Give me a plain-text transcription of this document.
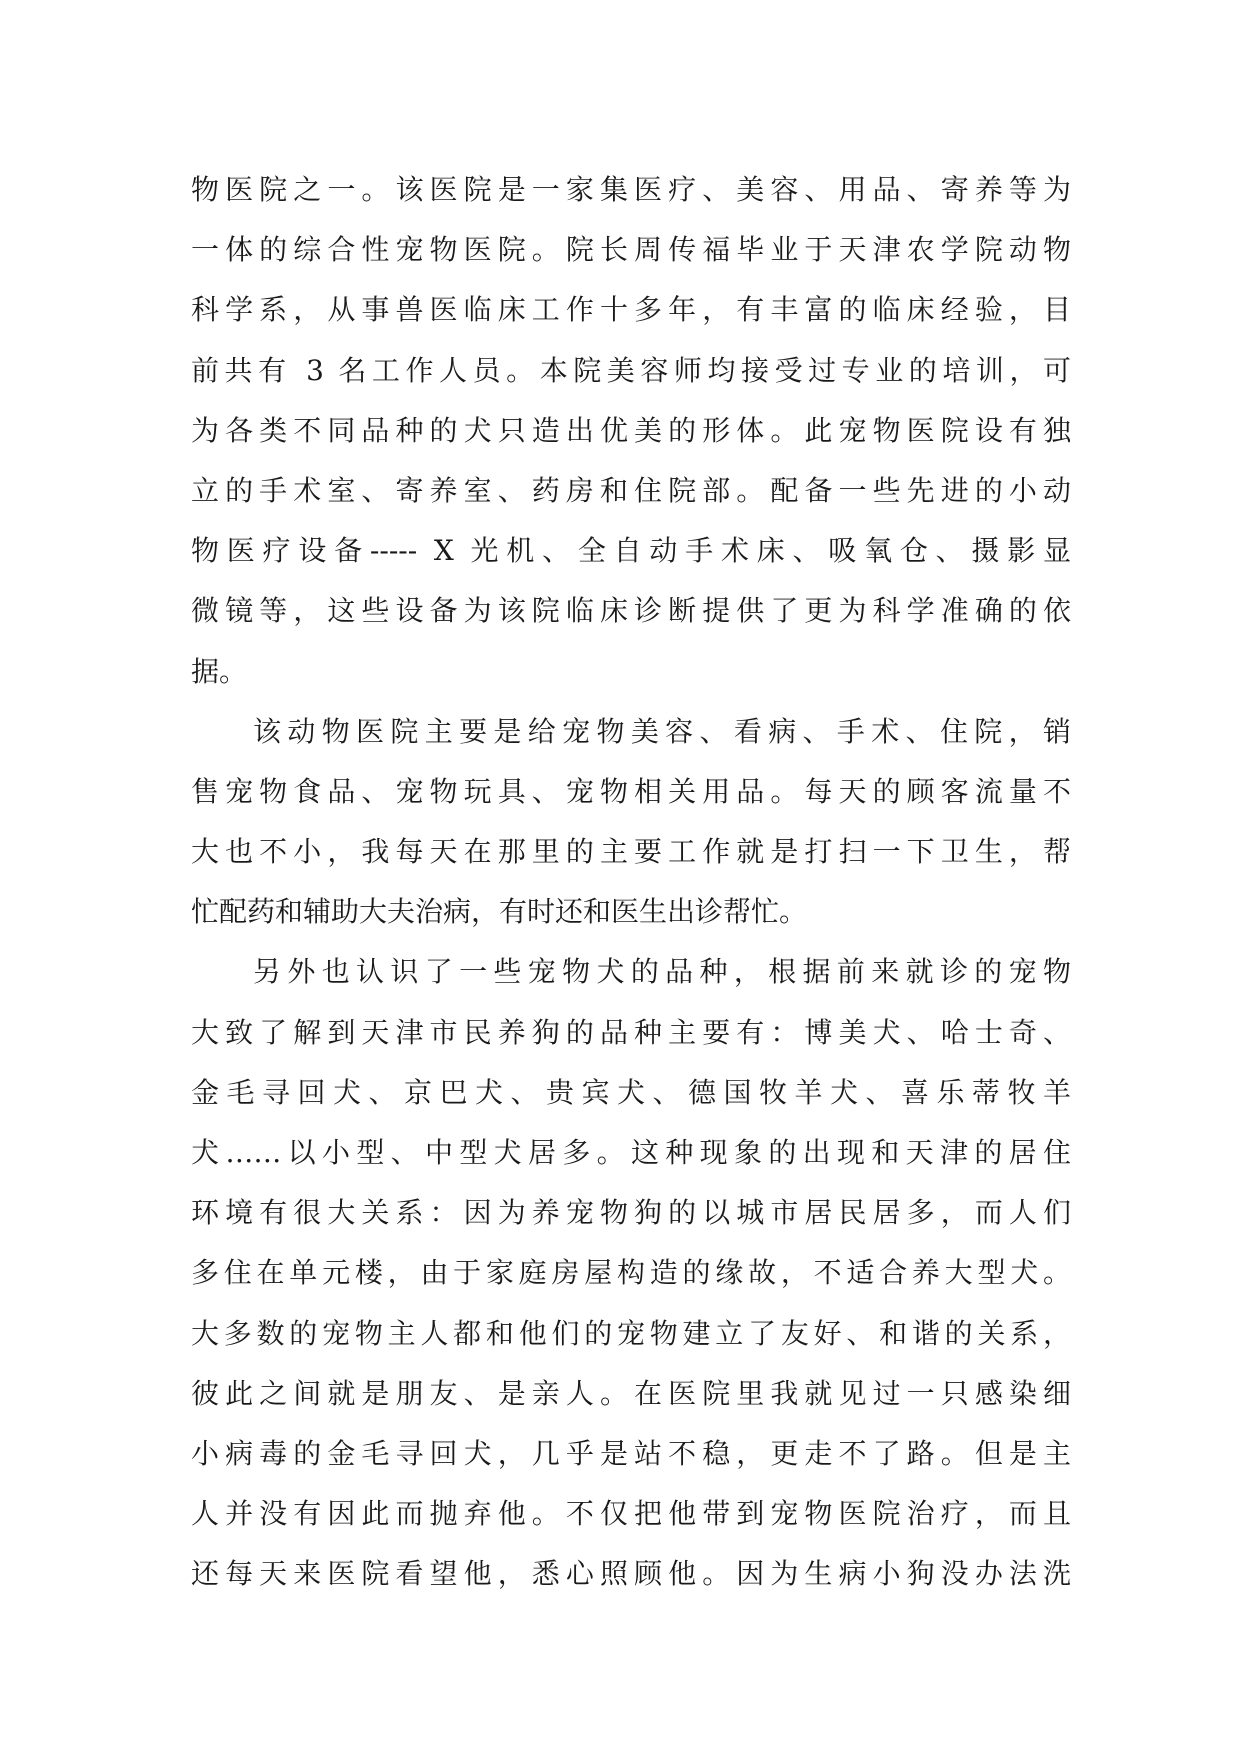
物医院之一。该医院是一家集医疗、美容、用品、寄养等为
一体的综合性宠物医院。院长周传福毕业于天津农学院动物
科学系，从事兽医临床工作十多年，有丰富的临床经验，目
前共有 3 名工作人员。本院美容师均接受过专业的培训，可
为各类不同品种的犬只造出优美的形体。此宠物医院设有独
立的手术室、寄养室、药房和住院部。配备一些先进的小动
物医疗设备----- X 光机、全自动手术床、吸氧仓、摄影显
微镜等，这些设备为该院临床诊断提供了更为科学准确的依
据。
该动物医院主要是给宠物美容、看病、手术、住院，销
售宠物食品、宠物玩具、宠物相关用品。每天的顾客流量不
大也不小，我每天在那里的主要工作就是打扫一下卫生，帮
忙配药和辅助大夫治病，有时还和医生出诊帮忙。
另外也认识了一些宠物犬的品种，根据前来就诊的宠物
大致了解到天津市民养狗的品种主要有：博美犬、哈士奇、
金毛寻回犬、京巴犬、贵宾犬、德国牧羊犬、喜乐蒂牧羊
犬……以小型、中型犬居多。这种现象的出现和天津的居住
环境有很大关系：因为养宠物狗的以城市居民居多，而人们
多住在单元楼，由于家庭房屋构造的缘故，不适合养大型犬。
大多数的宠物主人都和他们的宠物建立了友好、和谐的关系，
彼此之间就是朋友、是亲人。在医院里我就见过一只感染细
小病毒的金毛寻回犬，几乎是站不稳，更走不了路。但是主
人并没有因此而抛弃他。不仅把他带到宠物医院治疗，而且
还每天来医院看望他，悉心照顾他。因为生病小狗没办法洗
